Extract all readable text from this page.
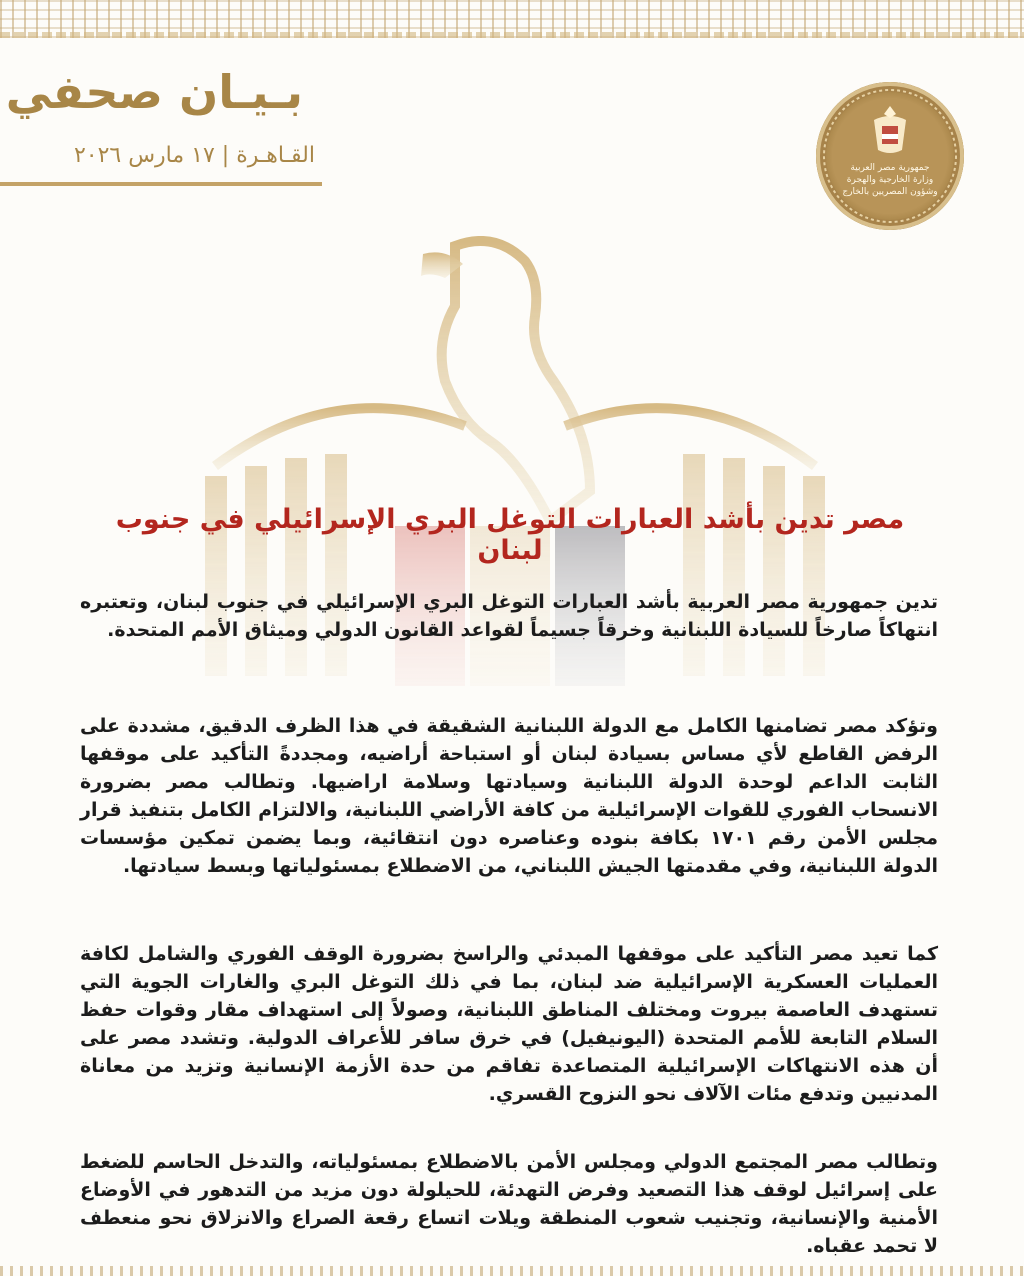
بـيـان صحفي
القـاهـرة | ١٧ مارس ٢٠٢٦	جمهورية مصر العربية
وزارة الخارجية والهجرة وشؤون المصريين بالخارج
مصر تدين بأشد العبارات التوغل البري الإسرائيلي في جنوب لبنان
تدين جمهورية مصر العربية بأشد العبارات التوغل البري الإسرائيلي في جنوب لبنان، وتعتبره انتهاكاً صارخاً للسيادة اللبنانية وخرقاً جسيماً لقواعد القانون الدولي وميثاق الأمم المتحدة.
وتؤكد مصر تضامنها الكامل مع الدولة اللبنانية الشقيقة في هذا الظرف الدقيق، مشددة على الرفض القاطع لأي مساس بسيادة لبنان أو استباحة أراضيه، ومجددةً التأكيد على موقفها الثابت الداعم لوحدة الدولة اللبنانية وسيادتها وسلامة اراضيها. وتطالب مصر بضرورة الانسحاب الفوري للقوات الإسرائيلية من كافة الأراضي اللبنانية، والالتزام الكامل بتنفيذ قرار مجلس الأمن رقم ١٧٠١ بكافة بنوده وعناصره دون انتقائية، وبما يضمن تمكين مؤسسات الدولة اللبنانية، وفي مقدمتها الجيش اللبناني، من الاضطلاع بمسئولياتها وبسط سيادتها.
كما تعيد مصر التأكيد على موقفها المبدئي والراسخ بضرورة الوقف الفوري والشامل لكافة العمليات العسكرية الإسرائيلية ضد لبنان، بما في ذلك التوغل البري والغارات الجوية التي تستهدف العاصمة بيروت ومختلف المناطق اللبنانية، وصولاً إلى استهداف مقار وقوات حفظ السلام التابعة للأمم المتحدة (اليونيفيل) في خرق سافر للأعراف الدولية. وتشدد مصر على أن هذه الانتهاكات الإسرائيلية المتصاعدة تفاقم من حدة الأزمة الإنسانية وتزيد من معاناة المدنيين وتدفع مئات الآلاف نحو النزوح القسري.
وتطالب مصر المجتمع الدولي ومجلس الأمن بالاضطلاع بمسئولياته، والتدخل الحاسم للضغط على إسرائيل لوقف هذا التصعيد وفرض التهدئة، للحيلولة دون مزيد من التدهور في الأوضاع الأمنية والإنسانية، وتجنيب شعوب المنطقة ويلات اتساع رقعة الصراع والانزلاق نحو منعطف لا تحمد عقباه.
